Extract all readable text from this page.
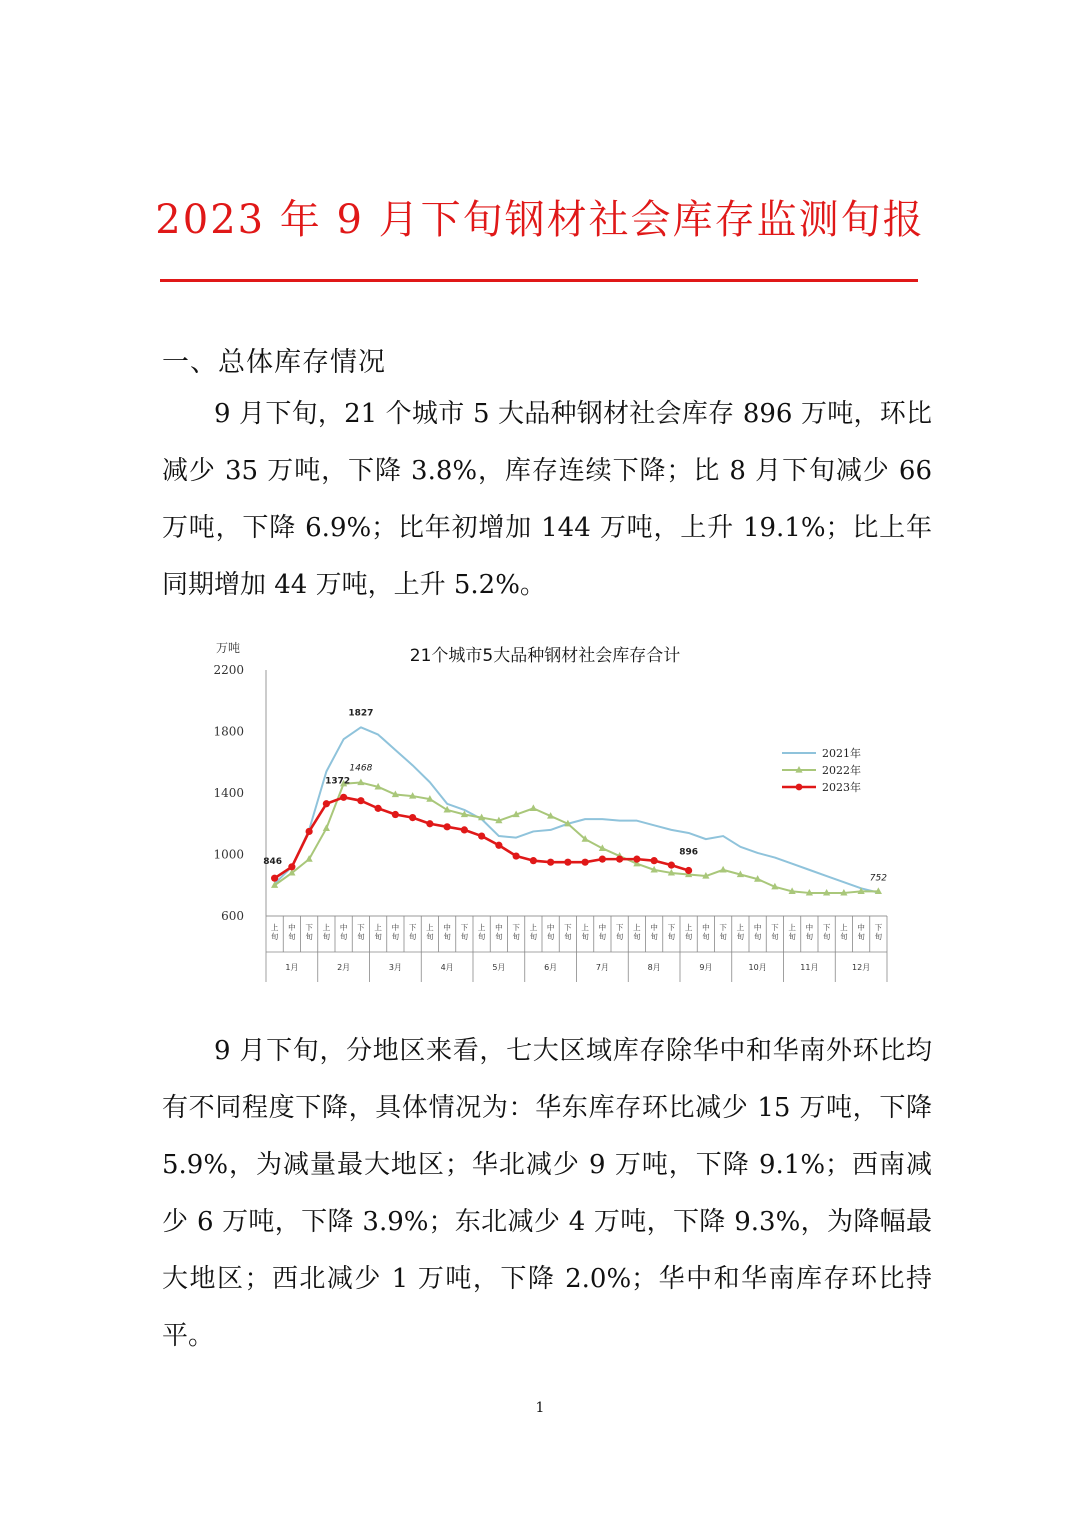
2023 年 9 月下旬钢材社会库存监测旬报
一、总体库存情况
9 月下旬，21 个城市 5 大品种钢材社会库存 896 万吨，环比减少 35 万吨，下降 3.8%，库存连续下降；比 8 月下旬减少 66 万吨，下降 6.9%；比年初增加 144 万吨，上升 19.1%；比上年同期增加 44 万吨，上升 5.2%。
21个城市5大品种钢材社会库存合计
万吨
600
1000
1400
1800
2200
上
旬
中
旬
下
旬
上
旬
中
旬
下
旬
上
旬
中
旬
下
旬
上
旬
中
旬
下
旬
上
旬
中
旬
下
旬
上
旬
中
旬
下
旬
上
旬
中
旬
下
旬
上
旬
中
旬
下
旬
上
旬
中
旬
下
旬
上
旬
中
旬
下
旬
上
旬
中
旬
下
旬
上
旬
中
旬
下
旬
1月	2月	3月	4月	5月	6月	7月	8月	9月	10月	11月	12月
846
1372
1827
1468
896
752
2021年
2022年
2023年
9 月下旬，分地区来看，七大区域库存除华中和华南外环比均有不同程度下降，具体情况为：华东库存环比减少 15 万吨，下降 5.9%，为减量最大地区；华北减少 9 万吨，下降 9.1%；西南减少 6 万吨，下降 3.9%；东北减少 4 万吨，下降 9.3%，为降幅最大地区；西北减少 1 万吨，下降 2.0%；华中和华南库存环比持平。
1
